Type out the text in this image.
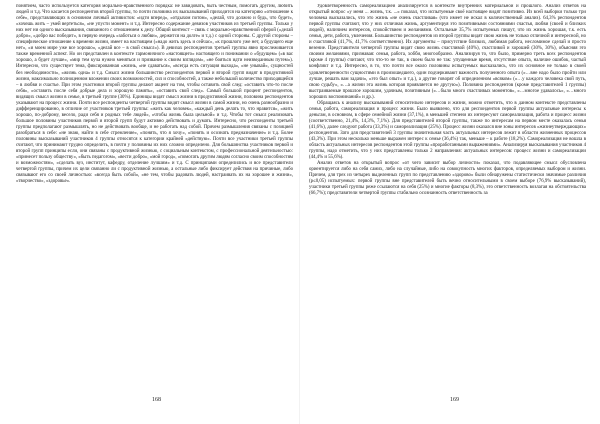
понятием, часто используется категория морально-нравственного порядка: не завидовать, быть честным, помогать другим, любить людей и т.д. Что касается респондентов второй группы, то почти половина их высказываний приходится на категорию «отношение к себе», представляющих в основном личный активистов: «идти вперед», «отдыхом потом», «делай, что должно и будь, что будет», «хочешь жить – умей вертеться», «не упусти момент» и т.д. Интересно содержание девизов участников из третьей группы. Только у них нет ни одного высказывания, связанного с отношением к делу. Общий контекст – связь с морально-нравственной сферой («делай добро», «добро вас победит», в первую очередь «заботься о любви», держится на долге» и т.д.) с одной стороны. С другой стороны – специфическое отношение к времени жизни, имеет на настоящем («надо жить здесь и сейчас», «к прошлого уже нет, а будущего еще нет», «и моем мире уже все хорошо», «делай все – в свой смысл»). В девизах респондентов третьей группы явно прослеживается также временной аспект. Но он представлен в контексте гармоничного «настоящего» настоящего и понимании о «будущем» («в вас хорошо, а будет лучше», «мир тем куча нужно меняться и призвание к своим взглядом», «не бояться идти неизведанным путем»). Интересно, что существует тема, фиксированная «жизнь, «не сдаваться», «всегда есть ситуация выхода», «не унывай», сущностей без необходимости», «жизнь одна» и т.д. Смысл жизни большинство респондентов первой и второй групп видят в продуктивной жизни, максимально полноценном вложении своих возможностей, сил и способностей, а также небольшой количество приходящейся – в любви и счастье. При этом участники второй группы делают акцент на том, чтобы оставить свой след: «оставить что-то после себя», «оставить после себя добрые дела и хорошую память», «оставить свой след». Самый большой процент респондентов, видящих смысл жизни в семье, в третьей группе (30%). Единицы видят смысл жизни в продуктивной жизни, половина респондентов указывают на процесс жизни. Почти все респонденты четвертой группы видят смысл жизни в самой жизни, но очень разнообразно и дифференцированно, в отличие от участников третьей группы: «жить как человек», «каждый день делать то, что нравится», «жить хорошо, по-доброму, весело, ради себя и родных тебе людей», «чтобы жизнь была цельной» и т.д. Чтобы тот смысл реализовать большое половины участников первой и второй групп будут активно действовать и думать. Интересно, что респонденты третьей группы предполагают размышлять, но не действовать вообще, и не работать над собой. Причем размышления связаны с позицией разобраться в себе: «не знаю, найти в себе стремление», «понять, что я хочу», «понять и осознать предназначение» и т.д. Более половины высказываний участников 4 группы относятся к категории крайней «действую». Почти все участники третьей группы считают, что принимают трудно определить, в почти у половины их них сложно определено. Для большинства участников первой и второй групп принципы если, они связаны с продуктивной жизнью, с социальным контекстом, с профессиональной деятельностью: «принесет пользу обществу», «быть педагогом», «вести добро», «мой город», «помогать другим людям согласно своим способностям и возможностям», «сделать вуз, институт, кафедру, отделение лучшим» и т.д. С принципами определились и все представители четвертой группы, причем их цели связанно ли с продуктивной жизнью, а остальные либо фиксирует действия на причиные, либо связывают его со своей личностью: «всегда быть собой», «не тем, чтобы радовать людей, настраивать их на хорошее и жизни», «творчество», «здоровье».

168

Удовлетворенность самореализацией анализируется в контексте внутренних материальной и прошлого. Анализ ответов на открытый вопрос «у меня ... жизнь, т.к. ...» показал, что испытуемые своё настоящее видят позитивно. Из всей выборки только три человека высказались, что это жизнь «не очень счастливая» (что имеет не искал в количественный анализ). 64,3% респондентов первой группы считают, что у них отличная жизнь, аргументируя это позитивными состояниями счастья, любви (своей и близких людей), наличием интересов, спокойствием и желаниями. Остальные 35,7% испытуемых пишут, что их жизнь хорошая, т.к. есть семья, дети, работа, увлечения. Большинство респондентов из второй группы видят свою жизнь не только отличной и интересной, но и счастливой (41,7%, 41,7% соответственно). Их аргументы – присутствие близких, любимая работа, несломимое сделай и просто везение. Представители четвертой группы видят свою жизнь счастливой (40%), счастливой и хорошей (30%, 30%), объясняя это своими желаниями, признавая: семья, работа, хобби, многообразно. Анализируя то, что было, примерно треть всех респондентов (кроме 4 группы) считают, что что-то не так, в своем было не так: упущенные время, отсутствие опыта, наличие ошибок, частый конфликт и т.д. Интересно, в то, что почти все около половины испытуемых высказались, что их основное не только в своей удовлетворенности сущностями в произошедшего, один подчеркивают важность полученного опыта («…вне надо было пройти или лучше, решать вам задачи», «это был опыт» и т.д.), а другие говорят об определенном «всяком» («…у каждого человека свой путь, свою судьбу», «…а жизни эта жизнь которая проявляется не другую»). Половина респондентов (кроме представителей 1 группы) выстраиваемые прошлое хорошим, удачным, позитивным («…было много счастливых моментов», «…многое удавалось», «…много хороших воспоминаний» и др.).

Обращаясь к анализу высказываний относительно интересов и жизни, можно отметить, что в данном контексте представлены семья, работа, самореализация и процесс жизни. Было выявлено, что для респондентов первой группы актуальные интересы к деньгам, в основном, в сфере семейной жизни (37,1%), в меньшей степени их интересуют самореализация, работа и процесс жизни (соответственно, 21,4%, 14,3%, 7,1%). Для представителей второй группы, также по интересам на первом месте оказалась семья (41,6%), далее следуют работа (33,3%) и самореализация (25%). Процесс жизни оказался вне зоны интересов «жизнеутверждающих» респондентов. Зато для представителей 3 группы значительная часть актуальных интересов лежит в области жизненных процессов (43,3%). При этом несколько меньше выражен интерес к семье (36,4%) так, меньше – к работе (18,2%). Самореализация не вошла в область актуальных интересов респондентов этой группы «проработанными выражениями». Анализируя высказывания участников 4 группы, надо отметить, что у них представлены только 2 направления: актуальных интересов: процесс жизни и самореализации (44,4% и 55,6%).

Анализ ответов на открытый вопрос «от чего зависит выбор личности» показал, что подавляющее смысл обусловлена ориентируется либо на себя самих, либо на случайные, либо на совокупность многих факторов, определяемых выбором и жизни. Причем, для трех из четырех выделенных групп по представлению «здорово» были обнаружены статистически значимые различия (p≤0,05) испытуемых: первой группы вне представителей быть вечно относительными в своем выборе (76,9% высказываний), участники третьей группы реже ссылаются на себя (25%) и многие факторы (8,3%), это ответственность возлагая на обстоятельства (66,7%); представители четвертой группы стабильно осознанность ответственность за

169
